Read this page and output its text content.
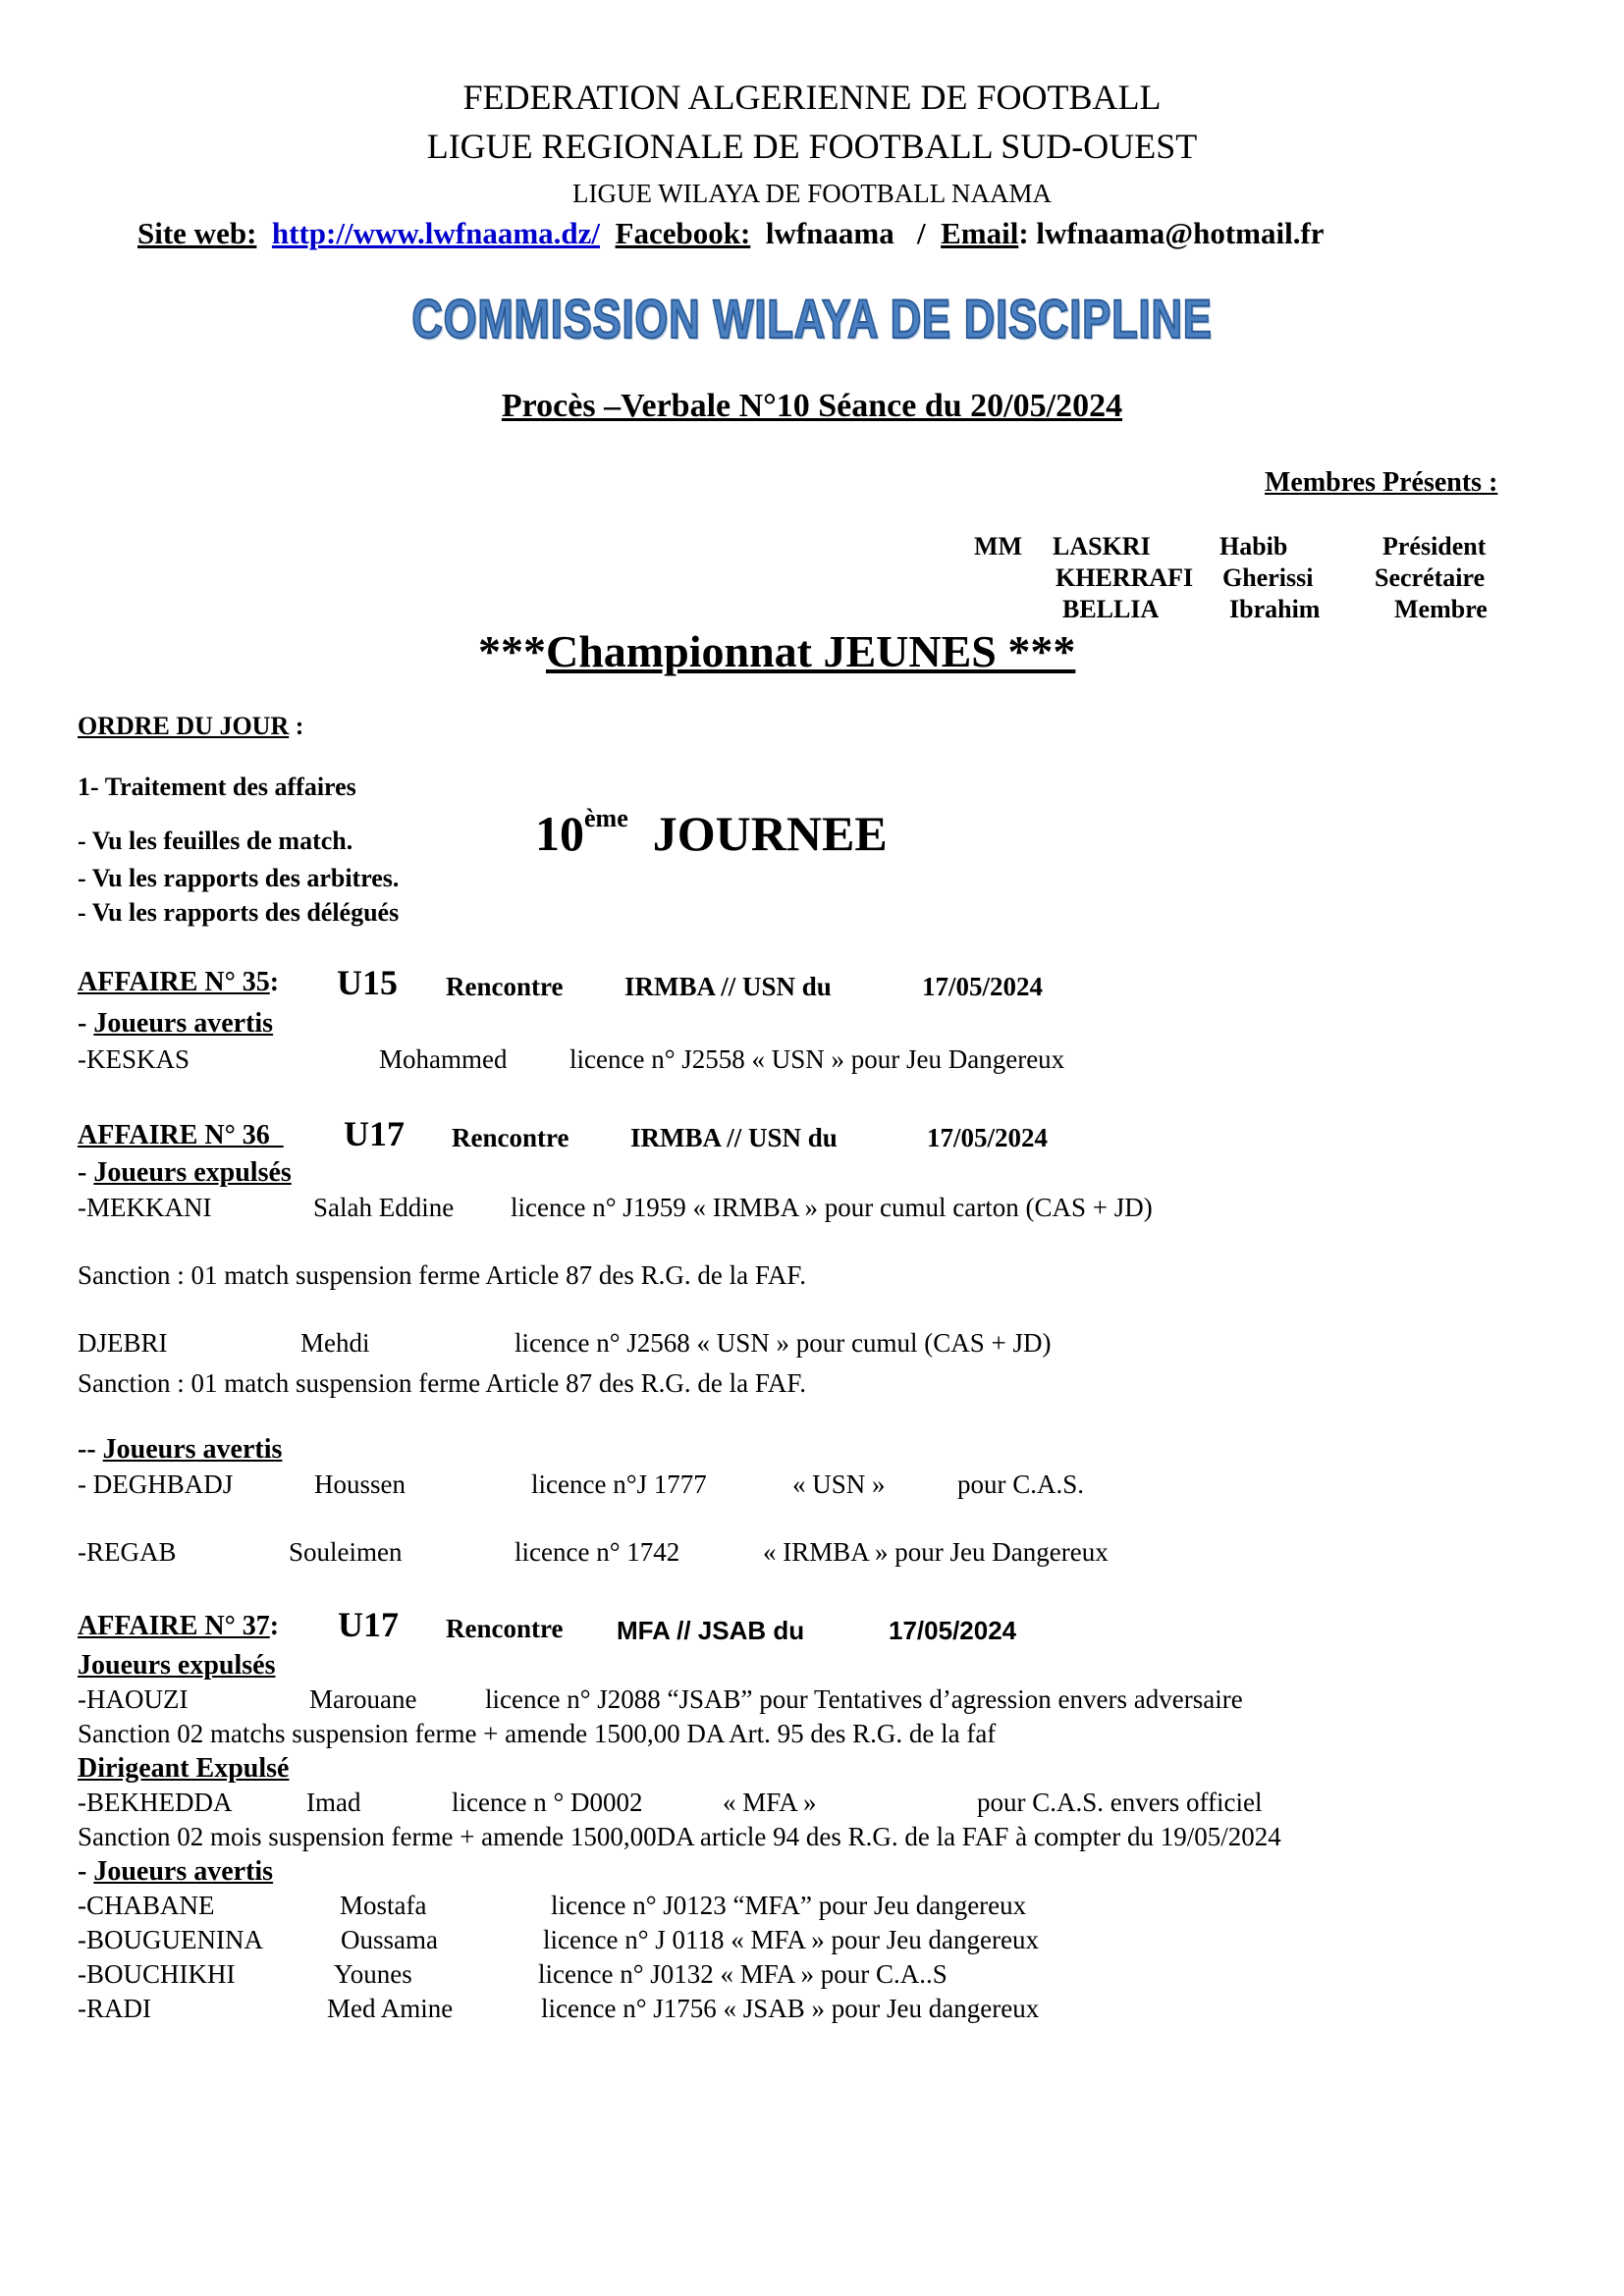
FEDERATION ALGERIENNE DE FOOTBALL
LIGUE REGIONALE DE FOOTBALL SUD-OUEST
LIGUE WILAYA DE FOOTBALL NAAMA
Site web: http://www.lwfnaama.dz/ Facebook: lwfnaama / Email: lwfnaama@hotmail.fr
COMMISSION WILAYA DE DISCIPLINE
Procès –Verbale N°10 Séance du 20/05/2024
Membres Présents :
MM LASKRI	Habib	Président
KHERRAFI Gherissi Secrétaire
BELLIA	Ibrahim	Membre
***Championnat JEUNES ***
ORDRE DU JOUR :
1- Traitement des affaires
- Vu les feuilles de match.
- Vu les rapports des arbitres.
- Vu les rapports des délégués
10ème JOURNEE
AFFAIRE N° 35: U15 Rencontre IRMBA // USN du	17/05/2024
- Joueurs avertis
-KESKAS	Mohammed licence n° J2558 « USN » pour Jeu Dangereux
AFFAIRE N° 36 U17 Rencontre IRMBA // USN du	17/05/2024
- Joueurs expulsés
-MEKKANI	Salah Eddine licence n° J1959 « IRMBA » pour cumul carton (CAS + JD)
Sanction : 01 match suspension ferme Article 87 des R.G. de la FAF.
DJEBRI	Mehdi	licence n° J2568 « USN » pour cumul (CAS + JD)
Sanction : 01 match suspension ferme Article 87 des R.G. de la FAF.
-- Joueurs avertis
- DEGHBADJ	Houssen	licence n°J 1777	« USN »	pour C.A.S.
-REGAB	Souleimen	licence n° 1742	« IRMBA » pour Jeu Dangereux
AFFAIRE N° 37: U17 Rencontre MFA // JSAB du	17/05/2024
Joueurs expulsés
-HAOUZI	Marouane	licence n° J2088 “JSAB” pour Tentatives d’agression envers adversaire
Sanction 02 matchs suspension ferme + amende 1500,00 DA Art. 95 des R.G. de la faf
Dirigeant Expulsé
-BEKHEDDA	Imad	licence n ° D0002	« MFA »	pour C.A.S. envers officiel
Sanction 02 mois suspension ferme + amende 1500,00DA article 94 des R.G. de la FAF à compter du 19/05/2024
- Joueurs avertis
-CHABANE	Mostafa	licence n° J0123 “MFA” pour Jeu dangereux
-BOUGUENINA	Oussama	licence n° J 0118 « MFA » pour Jeu dangereux
-BOUCHIKHI	Younes	licence n° J0132 « MFA » pour C.A..S
-RADI	Med Amine	licence n° J1756 « JSAB » pour Jeu dangereux
